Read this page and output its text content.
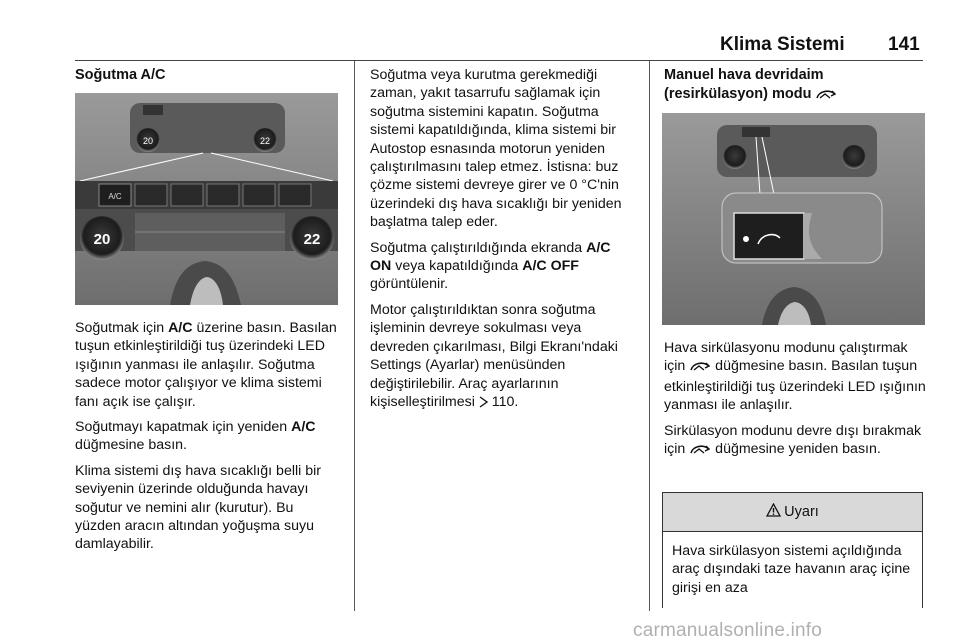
Klima Sistemi 141
Soğutma A/C
20	22
A/C
20	22

Soğutmak için A/C üzerine basın. Basılan tuşun etkinleştirildiği tuş üzerindeki LED ışığının yanması ile anlaşılır. Soğutma sadece motor çalışıyor ve klima sistemi fanı açık ise çalışır.

Soğutmayı kapatmak için yeniden A/C düğmesine basın.

Klima sistemi dış hava sıcaklığı belli bir seviyenin üzerinde olduğunda havayı soğutur ve nemini alır (kurutur). Bu yüzden aracın altından yoğuşma suyu damlayabilir.

Soğutma veya kurutma gerekmediği zaman, yakıt tasarrufu sağlamak için soğutma sistemini kapatın. Soğutma sistemi kapatıldığında, klima sistemi bir Autostop esnasında motorun yeniden çalıştırılmasını talep etmez. İstisna: buz çözme sistemi devreye girer ve 0 °C'nin üzerindeki dış hava sıcaklığı bir yeniden başlatma talep eder.

Soğutma çalıştırıldığında ekranda A/C ON veya kapatıldığında A/C OFF görüntülenir.

Motor çalıştırıldıktan sonra soğutma işleminin devreye sokulması veya devreden çıkarılması, Bilgi Ekranı'ndaki Settings (Ayarlar) menüsünden değiştirilebilir. Araç ayarlarının kişiselleştirilmesi  110.

Manuel hava devridaim
(resirkülasyon) modu

Hava sirkülasyonu modunu çalıştırmak için  düğmesine basın. Basılan tuşun etkinleştirildiği tuş üzerindeki LED ışığının yanması ile anlaşılır.

Sirkülasyon modunu devre dışı bırakmak için  düğmesine yeniden basın.

Uyarı
Hava sirkülasyon sistemi açıldığında araç dışındaki taze havanın araç içine girişi en aza
carmanualsonline.info
